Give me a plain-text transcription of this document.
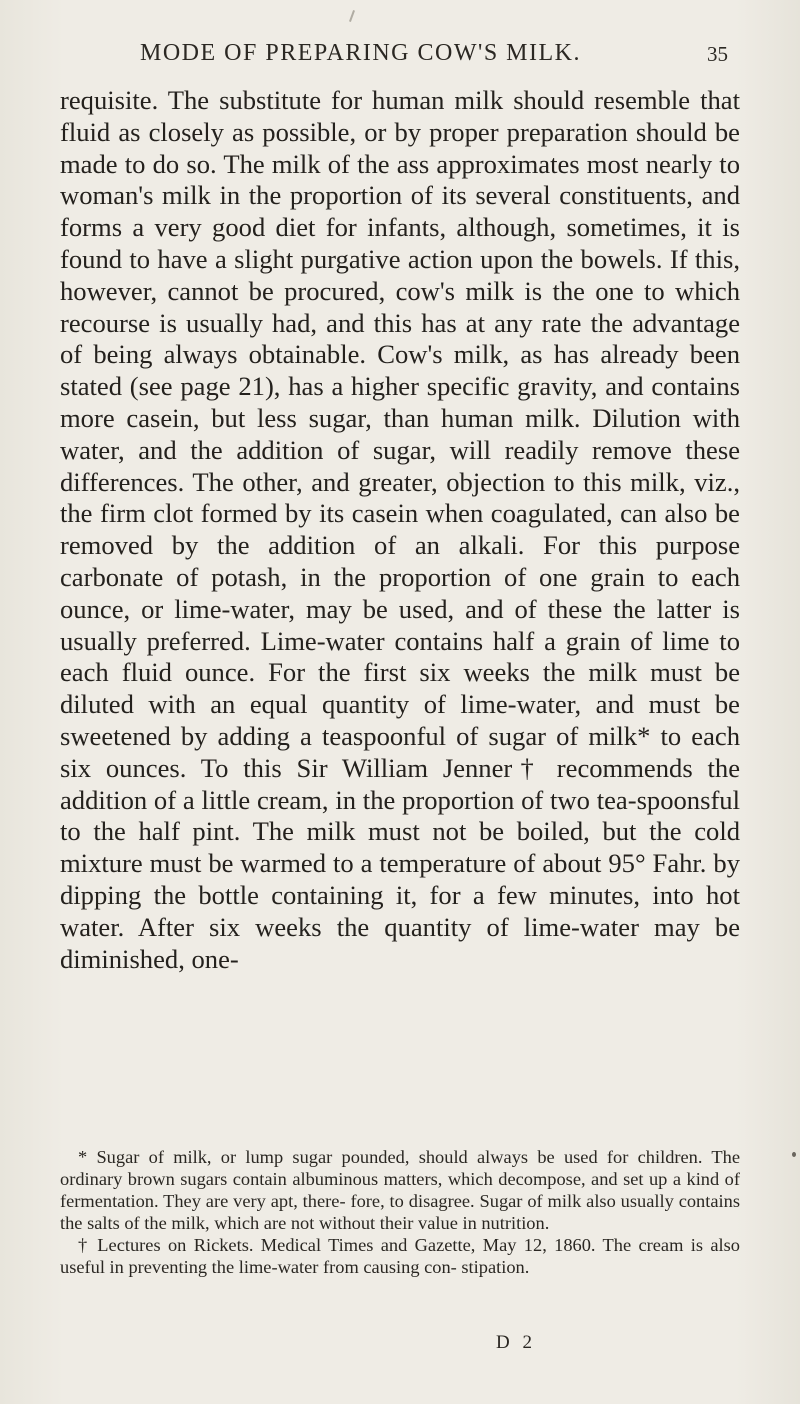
MODE OF PREPARING COW'S MILK.	35

requisite. The substitute for human milk should resemble that fluid as closely as possible, or by proper preparation should be made to do so. The milk of the ass approximates most nearly to woman's milk in the proportion of its several constituents, and forms a very good diet for infants, although, sometimes, it is found to have a slight purgative action upon the bowels. If this, however, cannot be procured, cow's milk is the one to which recourse is usually had, and this has at any rate the advantage of being always obtainable. Cow's milk, as has already been stated (see page 21), has a higher specific gravity, and contains more casein, but less sugar, than human milk. Dilution with water, and the addition of sugar, will readily remove these differences. The other, and greater, objection to this milk, viz., the firm clot formed by its casein when coagulated, can also be removed by the addition of an alkali. For this purpose carbonate of potash, in the proportion of one grain to each ounce, or lime-water, may be used, and of these the latter is usually preferred. Lime-water contains half a grain of lime to each fluid ounce. For the first six weeks the milk must be diluted with an equal quantity of lime-water, and must be sweetened by adding a teaspoonful of sugar of milk* to each six ounces. To this Sir William Jenner† recommends the addition of a little cream, in the proportion of two tea-spoonsful to the half pint. The milk must not be boiled, but the cold mixture must be warmed to a temperature of about 95° Fahr. by dipping the bottle containing it, for a few minutes, into hot water. After six weeks the quantity of lime-water may be diminished, one-

* Sugar of milk, or lump sugar pounded, should always be used for children. The ordinary brown sugars contain albuminous matters, which decompose, and set up a kind of fermentation. They are very apt, there- fore, to disagree. Sugar of milk also usually contains the salts of the milk, which are not without their value in nutrition.

† Lectures on Rickets. Medical Times and Gazette, May 12, 1860. The cream is also useful in preventing the lime-water from causing con- stipation.

D 2
